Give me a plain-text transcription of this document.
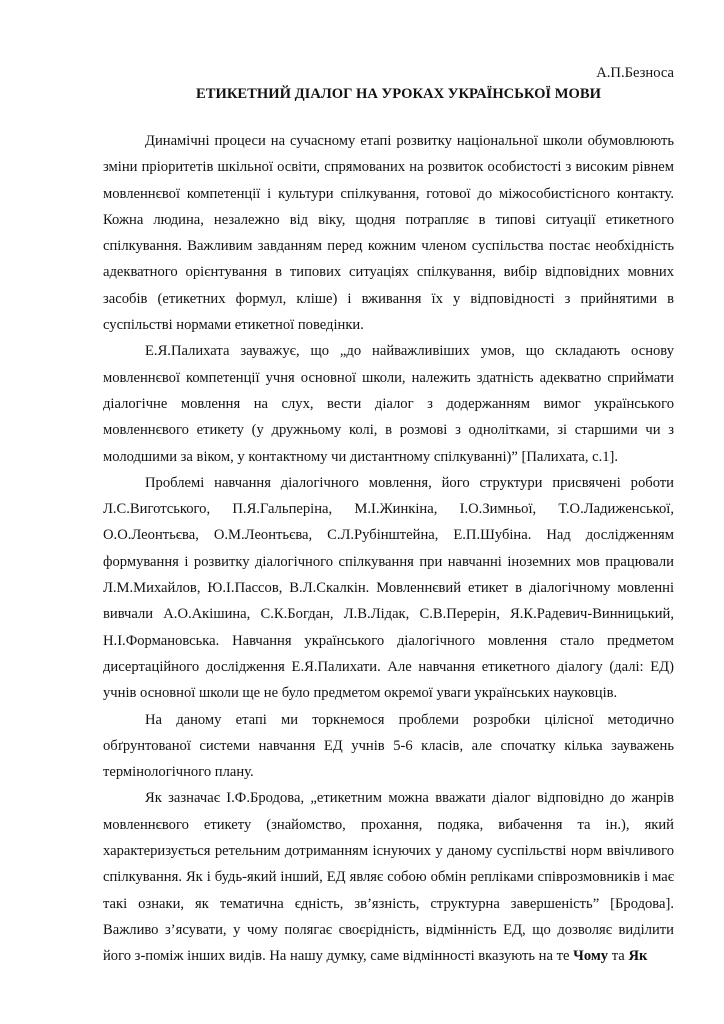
А.П.Безноса

ЕТИКЕТНИЙ ДІАЛОГ НА УРОКАХ УКРАЇНСЬКОЇ МОВИ

Динамічні процеси на сучасному етапі розвитку національної школи обумовлюють зміни пріоритетів шкільної освіти, спрямованих на розвиток особистості з високим рівнем мовленнєвої компетенції і культури спілкування, готової до міжособистісного контакту. Кожна людина, незалежно від віку, щодня потрапляє в типові ситуації етикетного спілкування. Важливим завданням перед кожним членом суспільства постає необхідність адекватного орієнтування в типових ситуаціях спілкування, вибір відповідних мовних засобів (етикетних формул, кліше) і вживання їх у відповідності з прийнятими в суспільстві нормами етикетної поведінки.

Е.Я.Палихата зауважує, що „до найважливіших умов, що складають основу мовленнєвої компетенції учня основної школи, належить здатність адекватно сприймати діалогічне мовлення на слух, вести діалог з додержанням вимог українського мовленнєвого етикету (у дружньому колі, в розмові з однолітками, зі старшими чи з молодшими за віком, у контактному чи дистантному спілкуванні)” [Палихата, с.1].

Проблемі навчання діалогічного мовлення, його структури присвячені роботи Л.С.Виготського, П.Я.Гальперіна, М.І.Жинкіна, І.О.Зимньої, Т.О.Ладиженської, О.О.Леонтьєва, О.М.Леонтьєва, С.Л.Рубінштейна, Е.П.Шубіна. Над дослідженням формування і розвитку діалогічного спілкування при навчанні іноземних мов працювали Л.М.Михайлов, Ю.І.Пассов, В.Л.Скалкін. Мовленнєвий етикет в діалогічному мовленні вивчали А.О.Акішина, С.К.Богдан, Л.В.Лідак, С.В.Перерін, Я.К.Радевич-Винницький, Н.І.Формановська. Навчання українського діалогічного мовлення стало предметом дисертаційного дослідження Е.Я.Палихати. Але навчання етикетного діалогу (далі: ЕД) учнів основної школи ще не було предметом окремої уваги українських науковців.

На даному етапі ми торкнемося проблеми розробки цілісної методично обґрунтованої системи навчання ЕД учнів 5-6 класів, але спочатку кілька зауважень термінологічного плану.

Як зазначає І.Ф.Бродова, „етикетним можна вважати діалог відповідно до жанрів мовленнєвого етикету (знайомство, прохання, подяка, вибачення та ін.), який характеризується ретельним дотриманням існуючих у даному суспільстві норм ввічливого спілкування. Як і будь-який інший, ЕД являє собою обмін репліками співрозмовників і має такі ознаки, як тематична єдність, зв’язність, структурна завершеність” [Бродова]. Важливо з’ясувати, у чому полягає своєрідність, відмінність ЕД, що дозволяє виділити його з-поміж інших видів. На нашу думку, саме відмінності вказують на те Чому та Як
